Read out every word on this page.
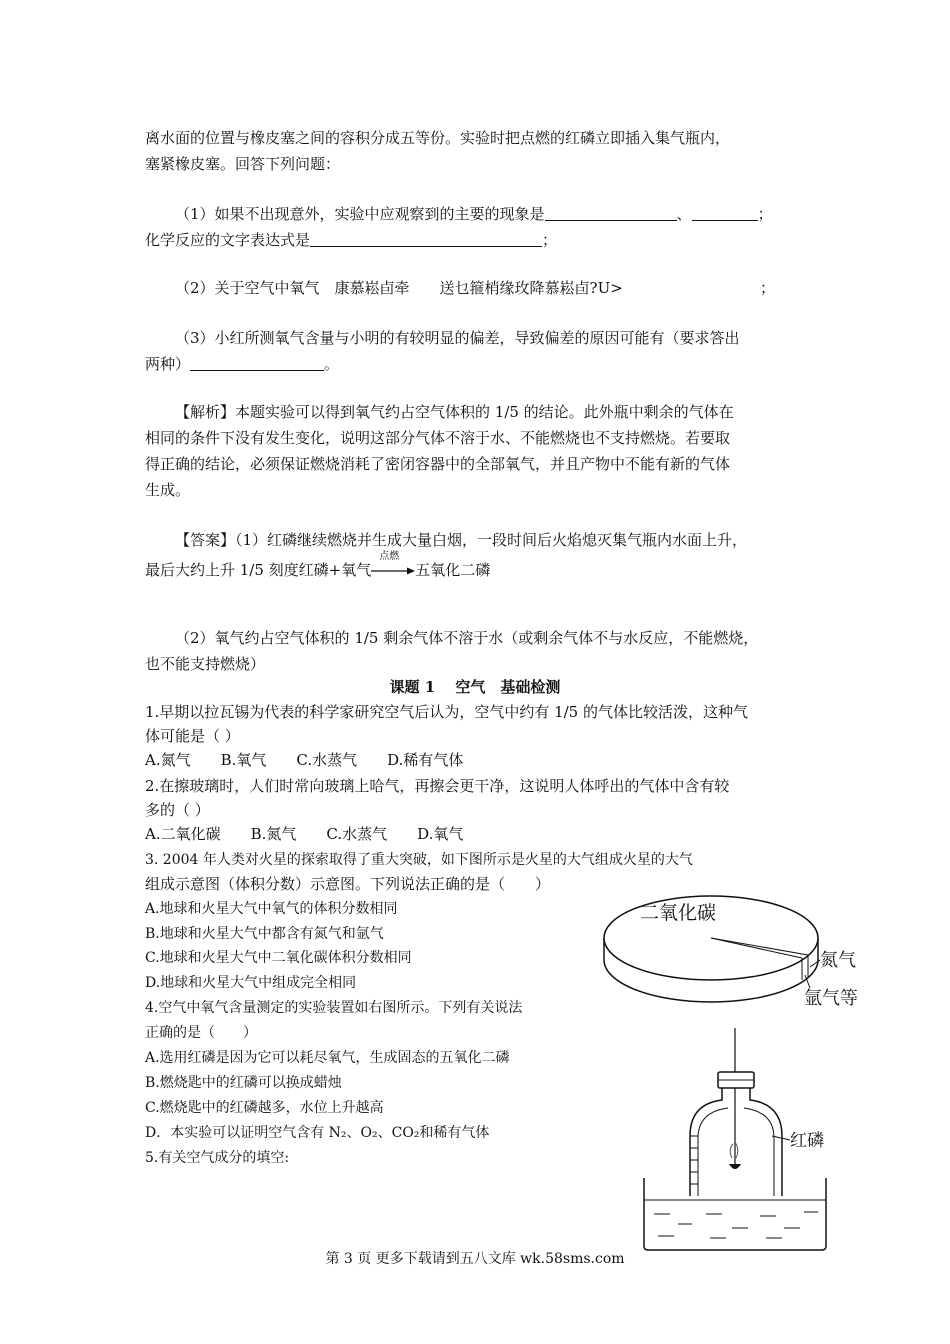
离水面的位置与橡皮塞之间的容积分成五等份。实验时把点燃的红磷立即插入集气瓶内，
塞紧橡皮塞。回答下列问题：
（1）如果不出现意外，实验中应观察到的主要的现象是	、	；
化学反应的文字表达式是	；
（2）关于空气中氧气　康慕崧卣牵　　送乜箍梢缘玫降慕崧卣?U>	；
（3）小红所测氧气含量与小明的有较明显的偏差，导致偏差的原因可能有（要求答出
两种）	。
【解析】本题实验可以得到氧气约占空气体积的 1/5 的结论。此外瓶中剩余的气体在
相同的条件下没有发生变化，说明这部分气体不溶于水、不能燃烧也不支持燃烧。若要取
得正确的结论，必须保证燃烧消耗了密闭容器中的全部氧气，并且产物中不能有新的气体
生成。
【答案】（1）红磷继续燃烧并生成大量白烟，一段时间后火焰熄灭集气瓶内水面上升，
最后大约上升 1/5 刻度红磷+氧气
点燃
五氧化二磷
（2）氧气约占空气体积的 1/5 剩余气体不溶于水（或剩余气体不与水反应，不能燃烧，
也不能支持燃烧）
课题 1　 空气　基础检测
1.早期以拉瓦锡为代表的科学家研究空气后认为，空气中约有 1/5 的气体比较活泼，这种气
体可能是（ ）
A.氮气　　B.氧气　　C.水蒸气　　D.稀有气体
2.在擦玻璃时，人们时常向玻璃上哈气，再擦会更干净，这说明人体呼出的气体中含有较
多的（ ）
A.二氧化碳　　B.氮气　　C.水蒸气　　D.氧气
3. 2004 年人类对火星的探索取得了重大突破，如下图所示是火星的大气组成火星的大气
组成示意图（体积分数）示意图。下列说法正确的是（　　）
A.地球和火星大气中氧气的体积分数相同
B.地球和火星大气中都含有氮气和氩气
C.地球和火星大气中二氧化碳体积分数相同
D.地球和火星大气中组成完全相同
4.空气中氧气含量测定的实验装置如右图所示。下列有关说法
正确的是（　　）
A.选用红磷是因为它可以耗尽氧气，生成固态的五氧化二磷
B.燃烧匙中的红磷可以换成蜡烛
C.燃烧匙中的红磷越多，水位上升越高
D．本实验可以证明空气含有 N₂、O₂、CO₂和稀有气体
5.有关空气成分的填空:
二氧化碳
氮气
氩气等
红磷
第 3 页 更多下载请到五八文库 wk.58sms.com
